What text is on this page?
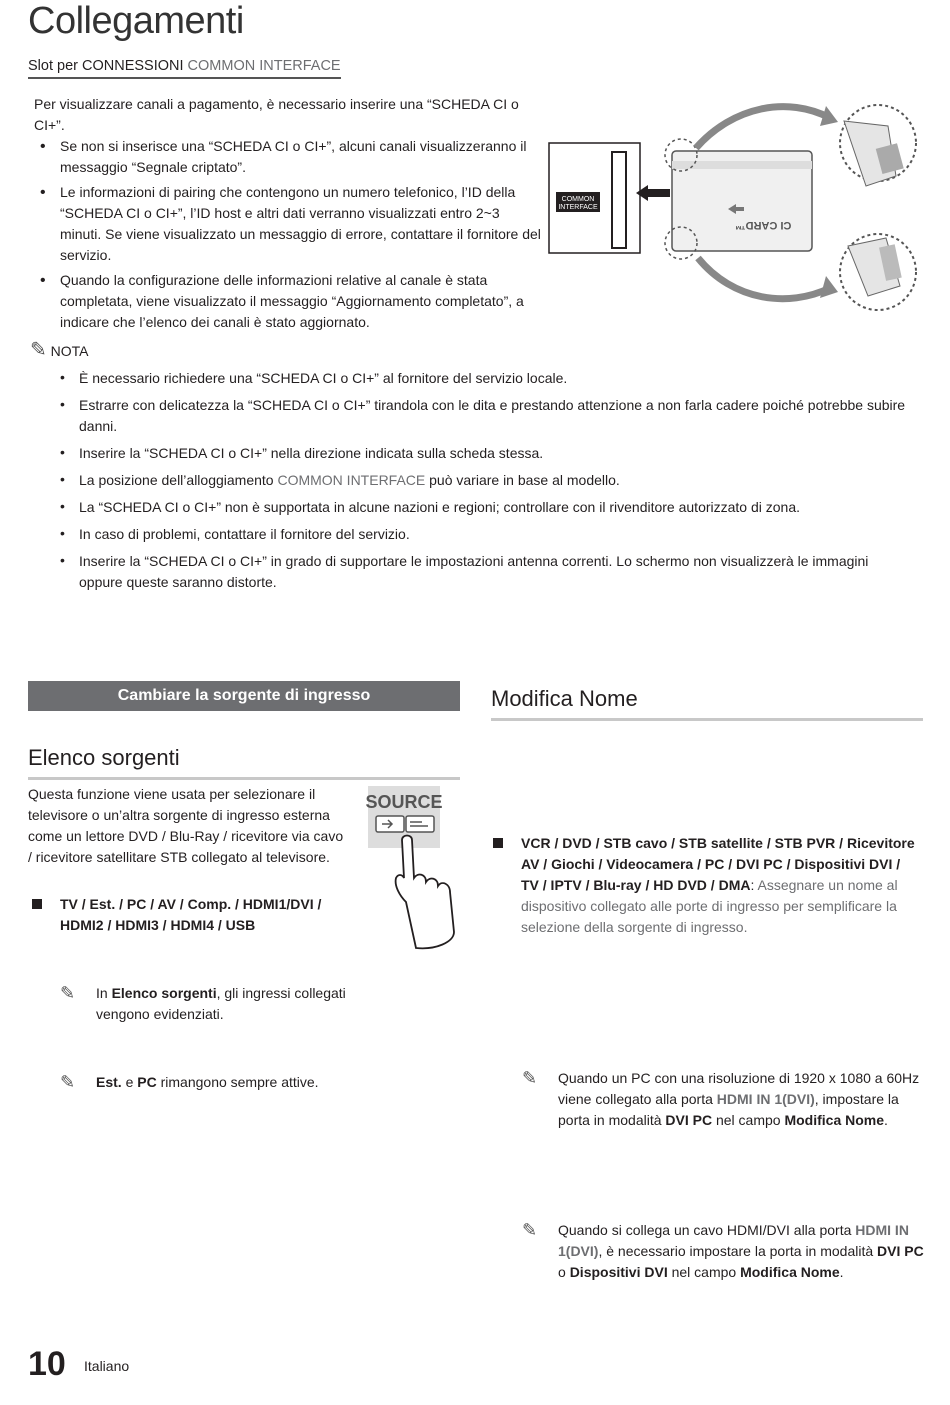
Collegamenti
Slot per CONNESSIONI COMMON INTERFACE
Per visualizzare canali a pagamento, è necessario inserire una “SCHEDA CI o CI+”.
• Se non si inserisce una “SCHEDA CI o CI+”, alcuni canali visualizzeranno il messaggio “Segnale criptato”.
• Le informazioni di pairing che contengono un numero telefonico, l’ID della “SCHEDA CI o CI+”, l’ID host e altri dati verranno visualizzati entro 2~3 minuti. Se viene visualizzato un messaggio di errore, contattare il fornitore del servizio.
• Quando la configurazione delle informazioni relative al canale è stata completata, viene visualizzato il messaggio “Aggiornamento completato”, a indicare che l’elenco dei canali è stato aggiornato.
COMMON
INTERFACE
CI CARD™
✎ NOTA
• È necessario richiedere una “SCHEDA CI o CI+” al fornitore del servizio locale.
• Estrarre con delicatezza la “SCHEDA CI o CI+” tirandola con le dita e prestando attenzione a non farla cadere poiché potrebbe subire danni.
• Inserire la “SCHEDA CI o CI+” nella direzione indicata sulla scheda stessa.
• La posizione dell’alloggiamento COMMON INTERFACE può variare in base al modello.
• La “SCHEDA CI o CI+” non è supportata in alcune nazioni e regioni; controllare con il rivenditore autorizzato di zona.
• In caso di problemi, contattare il fornitore del servizio.
• Inserire la “SCHEDA CI o CI+” in grado di supportare le impostazioni antenna correnti. Lo schermo non visualizzerà le immagini oppure queste saranno distorte.
Cambiare la sorgente di ingresso
Elenco sorgenti
Questa funzione viene usata per selezionare il televisore o un’altra sorgente di ingresso esterna come un lettore DVD / Blu-Ray / ricevitore via cavo / ricevitore satellitare STB collegato al televisore.
SOURCE
TV / Est. / PC / AV / Comp. / HDMI1/DVI / HDMI2 / HDMI3 / HDMI4 / USB
✎ In Elenco sorgenti, gli ingressi collegati vengono evidenziati.
✎ Est. e PC rimangono sempre attive.
Modifica Nome
VCR / DVD / STB cavo / STB satellite / STB PVR / Ricevitore AV / Giochi / Videocamera / PC / DVI PC / Dispositivi DVI / TV / IPTV / Blu-ray / HD DVD / DMA: Assegnare un nome al dispositivo collegato alle porte di ingresso per semplificare la selezione della sorgente di ingresso.
✎ Quando un PC con una risoluzione di 1920 x 1080 a 60Hz viene collegato alla porta HDMI IN 1(DVI), impostare la porta in modalità DVI PC nel campo Modifica Nome.
✎ Quando si collega un cavo HDMI/DVI alla porta HDMI IN 1(DVI), è necessario impostare la porta in modalità DVI PC o Dispositivi DVI nel campo Modifica Nome.
10 Italiano
